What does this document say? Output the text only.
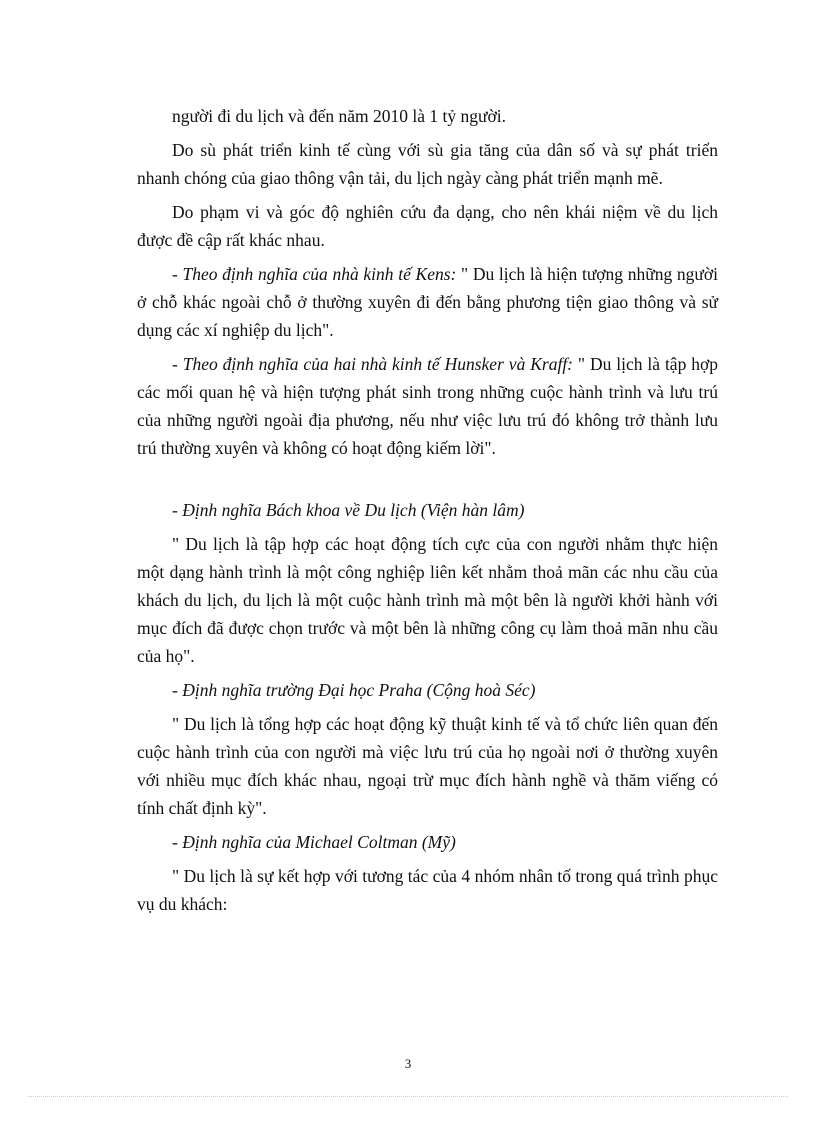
người đi du lịch và đến năm 2010 là 1 tỷ người.

Do sù phát triển kinh tế cùng với sù gia tăng của dân số và sự phát triển nhanh chóng của giao thông vận tải, du lịch ngày càng phát triển mạnh mẽ.

Do phạm vi và góc độ nghiên cứu đa dạng, cho nên khái niệm về du lịch được đề cập rất khác nhau.

- Theo định nghĩa của nhà kinh tế Kens: " Du lịch là hiện tượng những người ở chỗ khác ngoài chỗ ở thường xuyên đi đến bằng phương tiện giao thông và sử dụng các xí nghiệp du lịch".

- Theo định nghĩa của hai nhà kinh tế Hunsker và Kraff: " Du lịch là tập hợp các mối quan hệ và hiện tượng phát sinh trong những cuộc hành trình và lưu trú của những người ngoài địa phương, nếu như việc lưu trú đó không trở thành lưu trú thường xuyên và không có hoạt động kiếm lời".

- Định nghĩa Bách khoa về Du lịch (Viện hàn lâm)

" Du lịch là tập hợp các hoạt động tích cực của con người nhằm thực hiện một dạng hành trình là một công nghiệp liên kết nhằm thoả mãn các nhu cầu của khách du lịch, du lịch là một cuộc hành trình mà một bên là người khởi hành với mục đích đã được chọn trước và một bên là những công cụ làm thoả mãn nhu cầu của họ".

- Định nghĩa trường Đại học Praha (Cộng hoà Séc)

" Du lịch là tổng hợp các hoạt động kỹ thuật kinh tế và tổ chức liên quan đến cuộc hành trình của con người mà việc lưu trú của họ ngoài nơi ở thường xuyên với nhiều mục đích khác nhau, ngoại trừ mục đích hành nghề và thăm viếng có tính chất định kỳ".

- Định nghĩa của Michael Coltman (Mỹ)

" Du lịch là sự kết hợp với tương tác của 4 nhóm nhân tố trong quá trình phục vụ du khách:

3
